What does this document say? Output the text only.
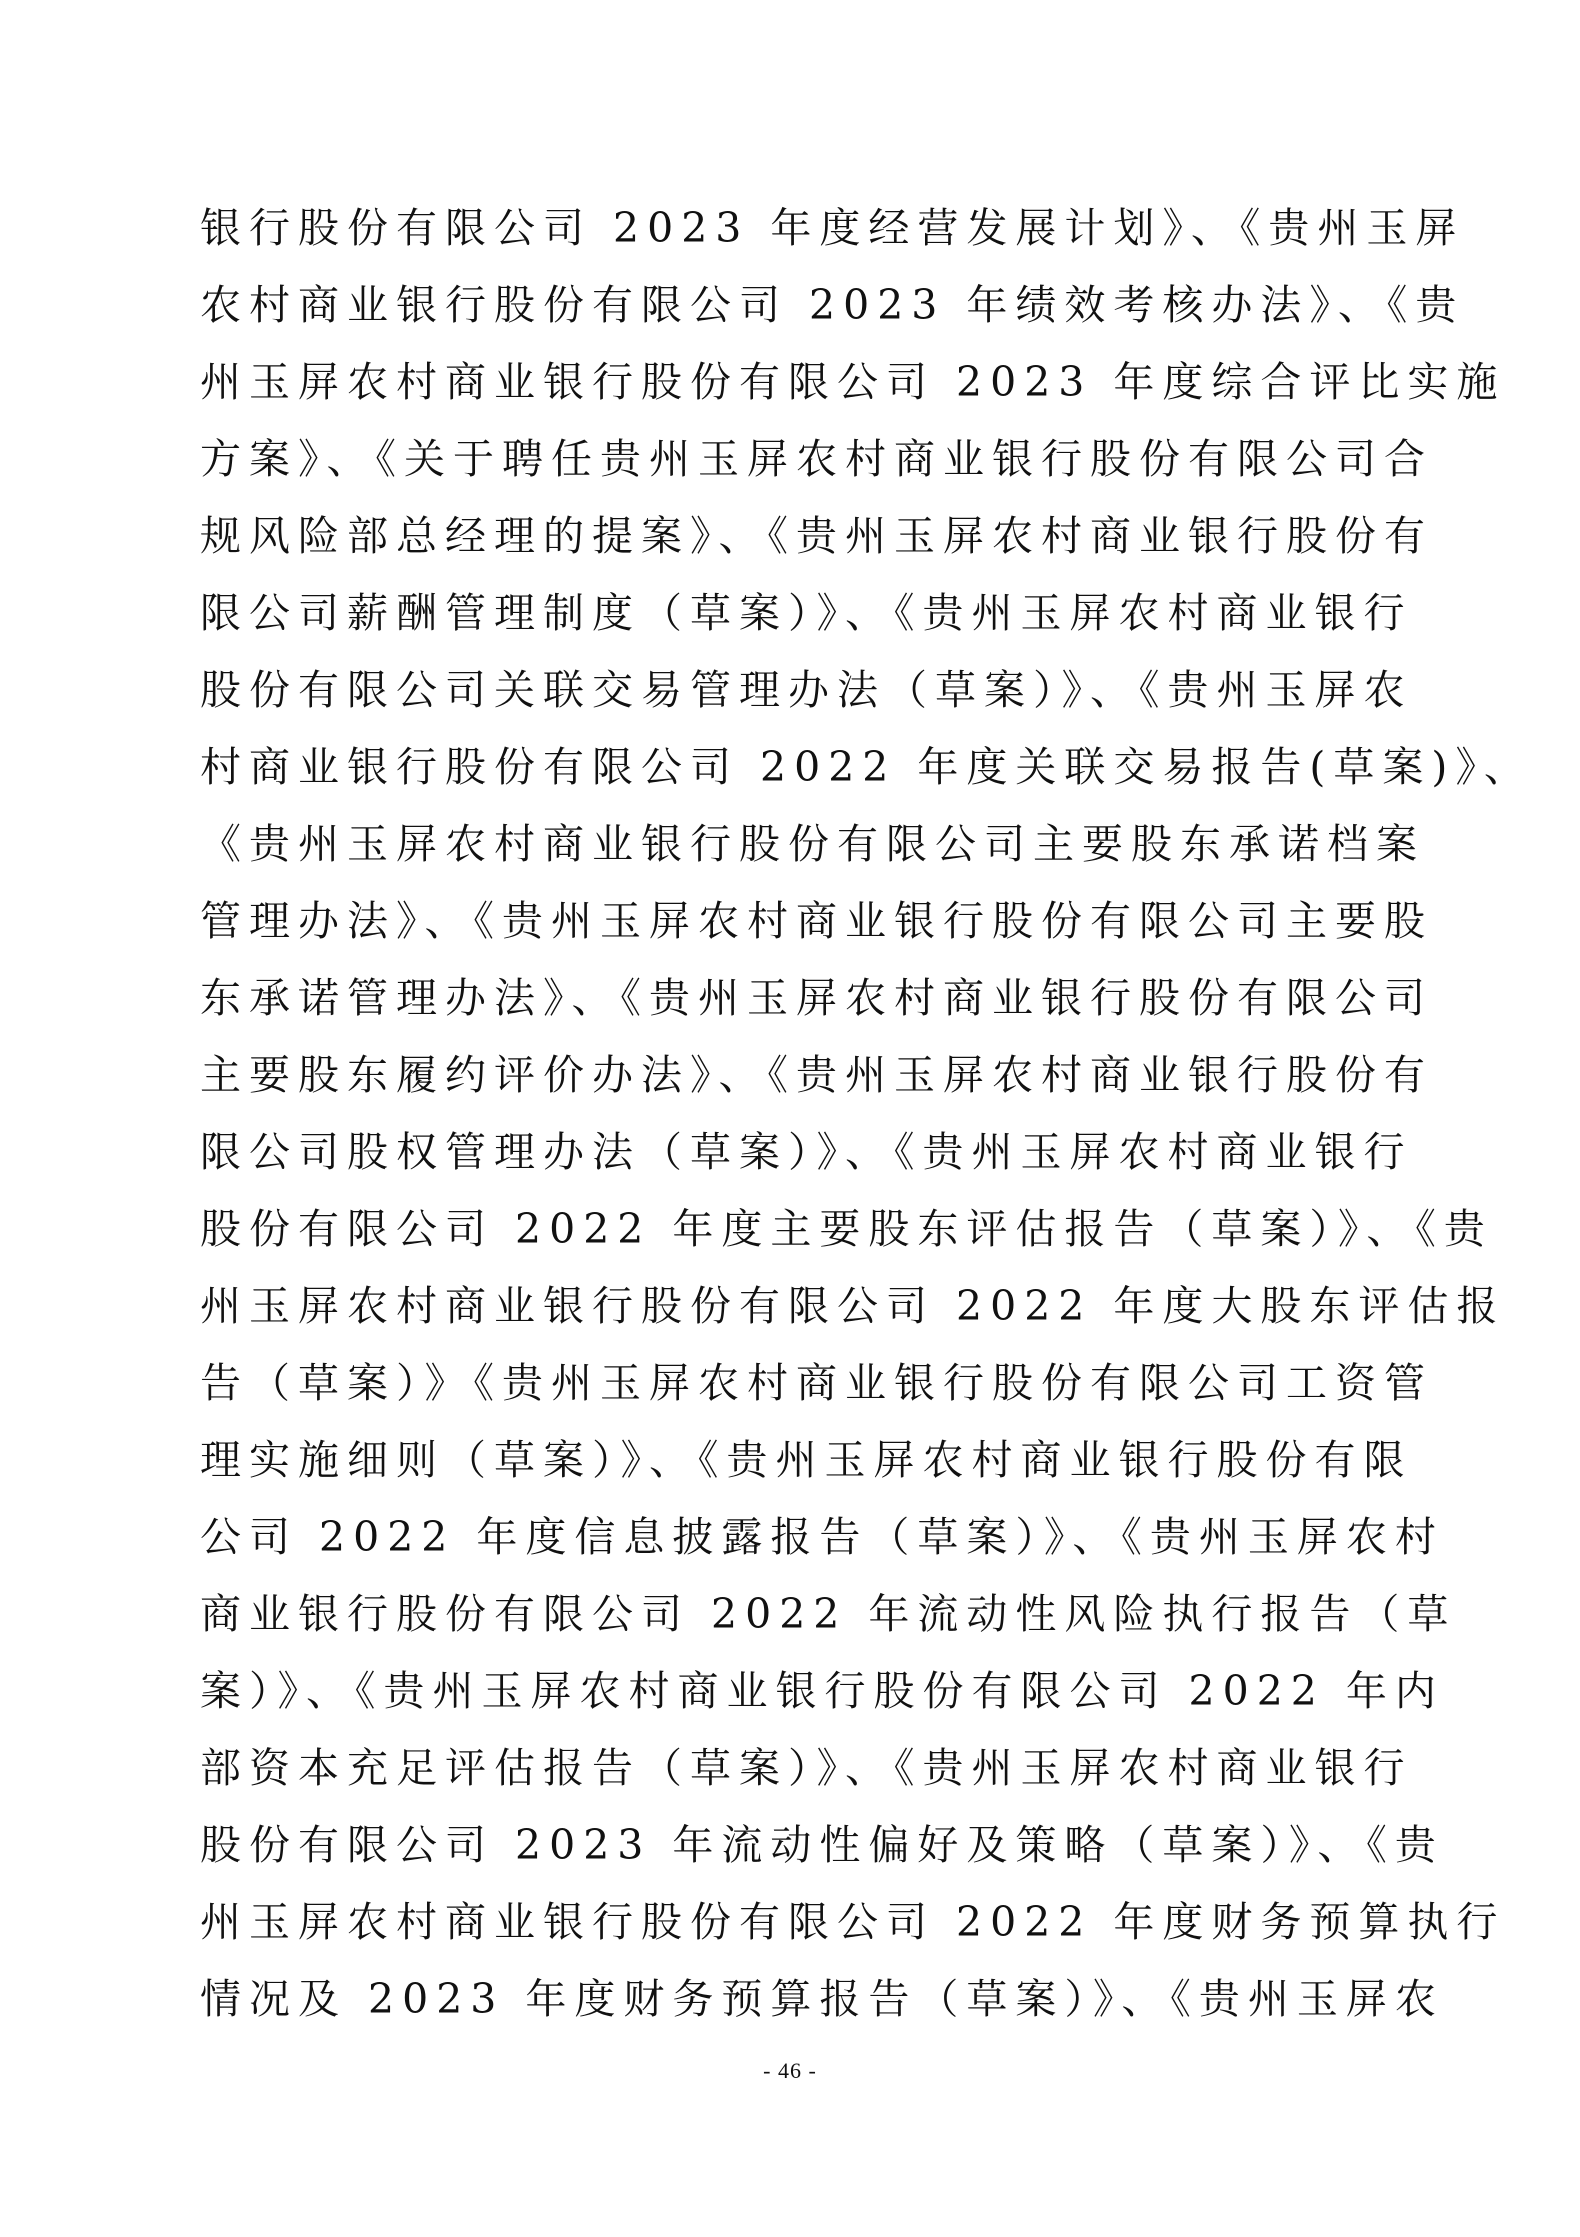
银行股份有限公司 2023 年度经营发展计划》、《贵州玉屏
农村商业银行股份有限公司 2023 年绩效考核办法》、《贵
州玉屏农村商业银行股份有限公司 2023 年度综合评比实施
方案》、《关于聘任贵州玉屏农村商业银行股份有限公司合
规风险部总经理的提案》、《贵州玉屏农村商业银行股份有
限公司薪酬管理制度（草案）》、《贵州玉屏农村商业银行
股份有限公司关联交易管理办法（草案）》、《贵州玉屏农
村商业银行股份有限公司 2022 年度关联交易报告(草案)》、
《贵州玉屏农村商业银行股份有限公司主要股东承诺档案
管理办法》、《贵州玉屏农村商业银行股份有限公司主要股
东承诺管理办法》、《贵州玉屏农村商业银行股份有限公司
主要股东履约评价办法》、《贵州玉屏农村商业银行股份有
限公司股权管理办法（草案）》、《贵州玉屏农村商业银行
股份有限公司 2022 年度主要股东评估报告（草案）》、《贵
州玉屏农村商业银行股份有限公司 2022 年度大股东评估报
告（草案）》《贵州玉屏农村商业银行股份有限公司工资管
理实施细则（草案）》、《贵州玉屏农村商业银行股份有限
公司 2022 年度信息披露报告（草案）》、《贵州玉屏农村
商业银行股份有限公司 2022 年流动性风险执行报告（草
案）》、《贵州玉屏农村商业银行股份有限公司 2022 年内
部资本充足评估报告（草案）》、《贵州玉屏农村商业银行
股份有限公司 2023 年流动性偏好及策略（草案）》、《贵
州玉屏农村商业银行股份有限公司 2022 年度财务预算执行
情况及 2023 年度财务预算报告（草案）》、《贵州玉屏农
- 46 -
